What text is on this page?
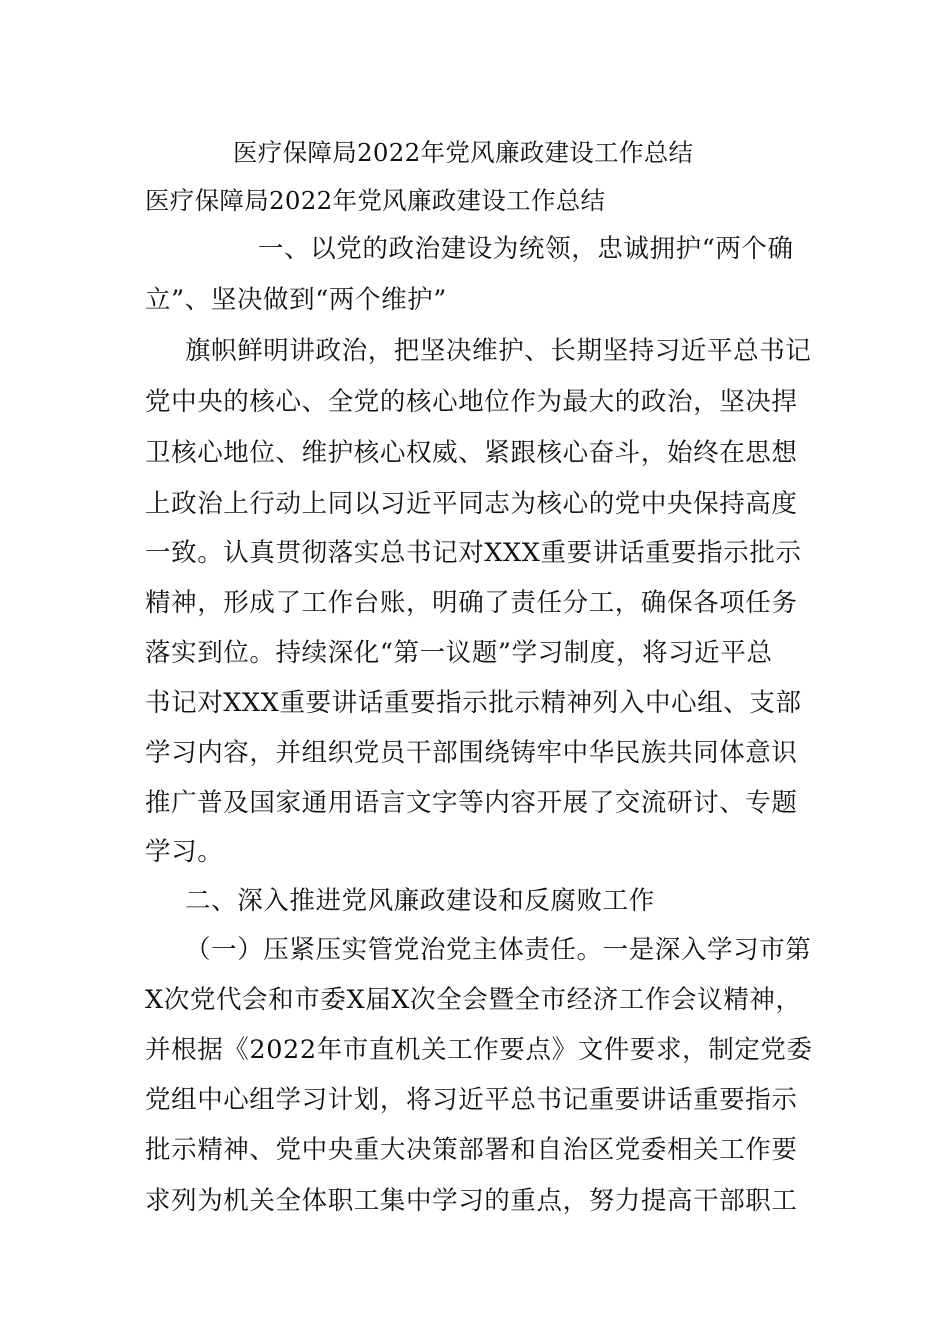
医疗保障局2022年党风廉政建设工作总结
医疗保障局2022年党风廉政建设工作总结
一、以党的政治建设为统领，忠诚拥护“两个确
立”、坚决做到“两个维护”
旗帜鲜明讲政治，把坚决维护、长期坚持习近平总书记
党中央的核心、全党的核心地位作为最大的政治，坚决捍
卫核心地位、维护核心权威、紧跟核心奋斗，始终在思想
上政治上行动上同以习近平同志为核心的党中央保持高度
一致。认真贯彻落实总书记对XXX重要讲话重要指示批示
精神，形成了工作台账，明确了责任分工，确保各项任务
落实到位。持续深化“第一议题”学习制度，将习近平总
书记对XXX重要讲话重要指示批示精神列入中心组、支部
学习内容，并组织党员干部围绕铸牢中华民族共同体意识
推广普及国家通用语言文字等内容开展了交流研讨、专题
学习。
二、深入推进党风廉政建设和反腐败工作
（一）压紧压实管党治党主体责任。一是深入学习市第
X次党代会和市委X届X次全会暨全市经济工作会议精神，
并根据《2022年市直机关工作要点》文件要求，制定党委
党组中心组学习计划，将习近平总书记重要讲话重要指示
批示精神、党中央重大决策部署和自治区党委相关工作要
求列为机关全体职工集中学习的重点，努力提高干部职工
